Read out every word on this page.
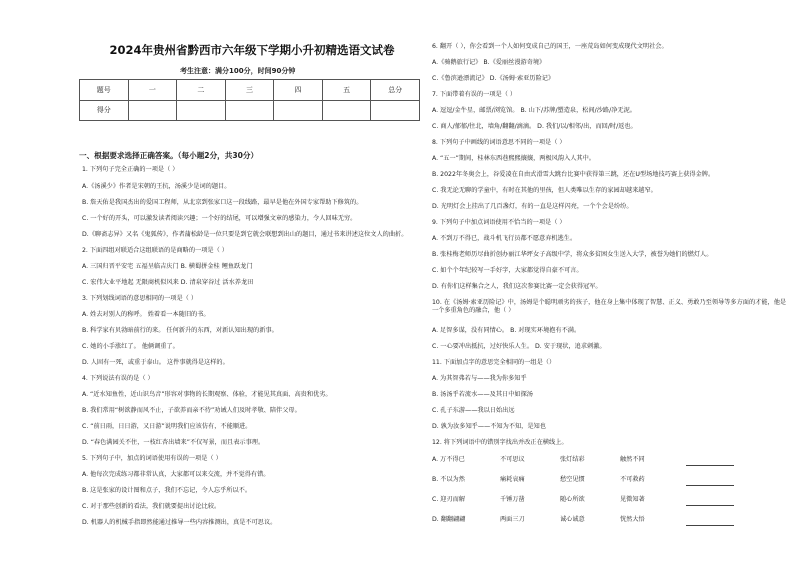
2024年贵州省黔西市六年级下学期小升初精选语文试卷
考生注意：满分100分，时间90分钟
题号	一	二	三	四	五	总分
得分						
一、根据要求选择正确答案。（每小题2分，共30分）
1. 下列句子完全正确的一项是（ ）
A.《汤溪少》作者是宋朝的王抗，汤溪少是词的题目。
B. 詹天佑是我国杰出的爱国工程师，从北京到张家口这一段线路，最早是他在外国专家帮助下修筑的。
C. 一个好的开头，可以激发读者阅读兴趣；一个好的结尾，可以增强文章的感染力，令人回味无穷。
D.《聊斋志异》又名《鬼狐传》，作者蒲松龄是一位只要是到它就会联想到出山的题目，通过书来讲述这位文人的曲折。
2. 下面四组对联适合这组联语的是商略的一项是（ ）
A. 三国归晋平安宅 五福呈临吉庆门 B. 横蜀拼金桂 鲤鱼跃龙门
C. 宏伟大业平地起 无限商机似风来 D. 清泉穿谷过 活水养龙田
3. 下列划线词语的意思相同的一项是（ ）
A. 姓去对别人的称呼。 姓着看一本随旧的书。
B. 科学家有贝勃暗前行的来。 任何新升的东西，对新认知出现的新事。
C. 她的小手涨红了。 他俩调重了。
D. 人固有一死，或重于泰山。 这件事就得是这样的。
4. 下列说法有误的是（ ）
A. “近水知鱼性，近山识鸟音”形容对事物的长期观察、体验，才能见其真面、高贵和优劣。
B. 我们常用“树欲静而风不止，子欲养而亲不待”劝诫人们及时孝敬、陪伴父母。
C. “前日雨，日日游，又日游”说明我们应该仿有，不能顺进。
D. “春色满园关不住，一枝红杏出墙来”不仅写景，而且表示事理。
5. 下列句子中，加点的词语使用有误的一项是（ ）
A. 他每次完成练习都非常认真，大家都可以来交流，并不觉得有错。
B. 这是张家的设计图和点子，我们不忘记，令人忘乎所以不。
C. 对于那些创新的看法，我们就要提出讨论比较。
D. 机器人的机械手指即然能通过推导一些内容推测出，真是不可思议。
6. 翻开（ ），你会看到一个人如何变成自己的国王，一座荒岛如何变成现代文明社会。
A.《骑鹅旅行记》 B.《爱丽丝漫游奇境》
C.《鲁滨逊漂流记》 D.《汤姆·索亚历险记》
7. 下面带着有误的一项是（ ）
A. 逗逗/金牛星，邮票/浏览馆。 B. 山下/苏牌/塑造泉，松间/沙路/净无泥。
C. 商人/郁郁/往北，墙角/翻翻/滴滴。 D. 我们/以/相邻/出，而回/时/返也。
8. 下列句子中画线的词语意思不同的一项是（ ）
A. “五一”期间，桂林东西巷熙熙攘攘，两极风韵入人其中。
B. 2022年冬奥会上，谷爱凌在自由式滑雪大跳台比赛中获得第三跳，还在U型场地技巧赛上获得金牌。
C. 我无论无聊的学童中，有时在其他的里孩，但人类唯以生存的家园却越来越窄。
D. 光明灯会上挂出了几百盏灯，有的一直是这样闪亮，一个个会是纷纷。
9. 下列句子中加点词语使用不恰当的一项是（ ）
A. 不到万不得已，战斗机飞行员都不愿意弃机逃生。
B. 张桂梅老师历尽曲折创办丽江华坪女子高级中学，将众多贫困女生送入大学，被誉为她们的燃灯人。
C. 如个个年纪较写一手好字，大家都觉得自豪不可言。
D. 有你们这样集合之人，我们这次参赛比赛一定会获得冠军。
10. 在《汤姆·索亚历险记》中，汤姆是个聪明顽劣的孩子，他在身上集中体现了智慧、正义、勇敢乃至领导等多方面的才能，他是一个多重角色的融合，他（ ）
A. 足智多谋，没有同情心。 B. 对现实环境抱有不满。
C. 一心要冲出抵抗，过好快乐人生。 D. 安于现状，追求刺激。
11. 下面加点字的意思完全相同的一组是（）
A. 为其智弗若与——我为你多知乎
B. 汤汤乎若流水——及其日中如探汤
C. 孔子东游——我以日始出远
D. 孰为汝多知乎——不知为不知，是知也
12. 将下列词语中的错别字找出并改正在横线上。
A. 万不得已	不可思议	张灯结彩	触然不同
B. 不以为然	痛耗哀痛	愁空见惯	不可救药
C. 迎刃而解	千锤万凿	随心所欲	见微知著
D. 翻翻翩翩	两面三刀	诚心诚意	恍然大悟
